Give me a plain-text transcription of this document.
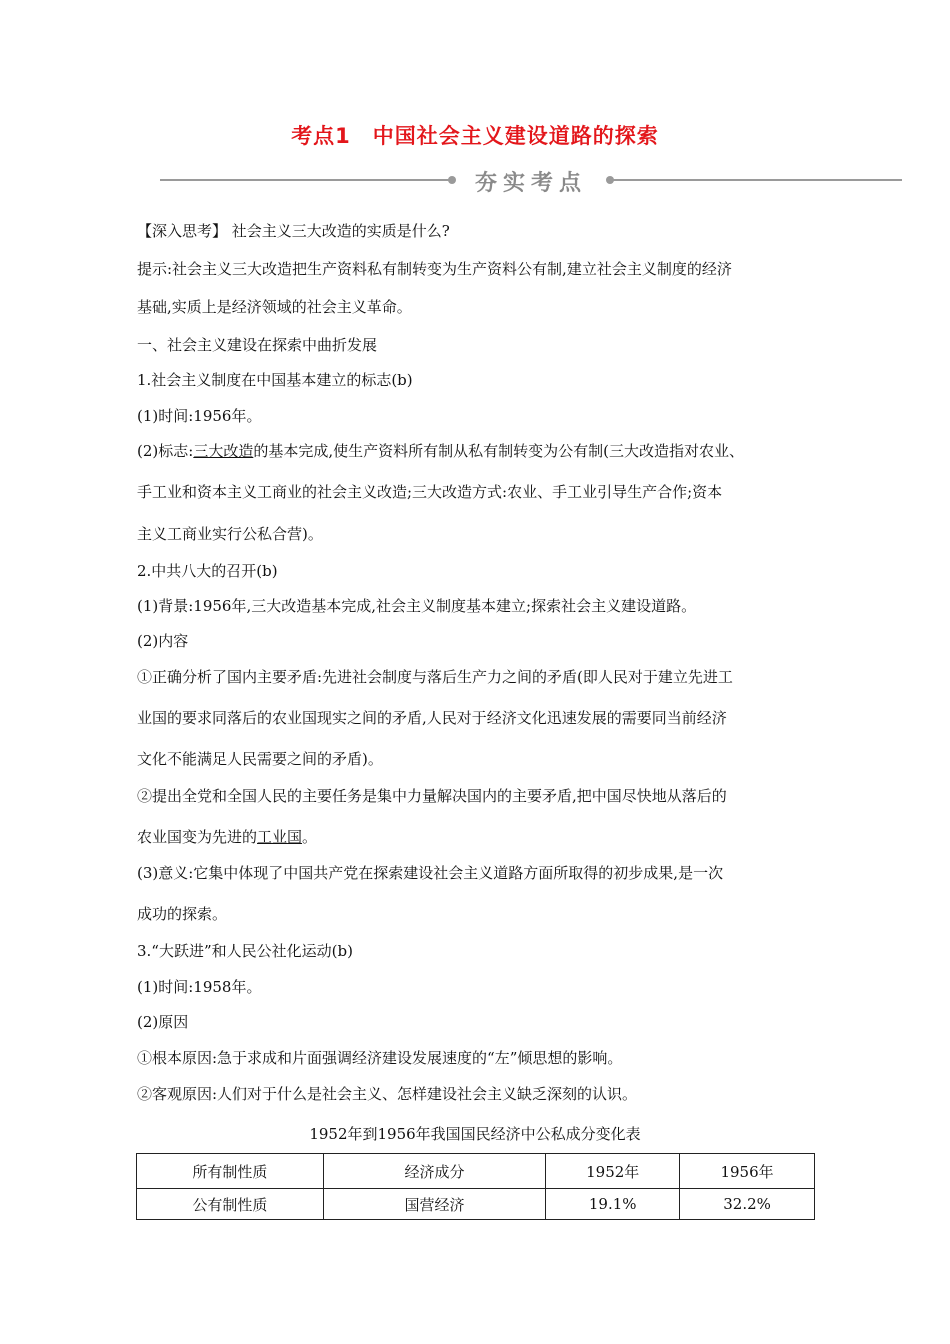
考点1　中国社会主义建设道路的探索
夯实考点
【深入思考】 社会主义三大改造的实质是什么?
提示:社会主义三大改造把生产资料私有制转变为生产资料公有制,建立社会主义制度的经济
基础,实质上是经济领域的社会主义革命。
一、社会主义建设在探索中曲折发展
1.社会主义制度在中国基本建立的标志(b)
(1)时间:1956年。
(2)标志:三大改造的基本完成,使生产资料所有制从私有制转变为公有制(三大改造指对农业、
手工业和资本主义工商业的社会主义改造;三大改造方式:农业、手工业引导生产合作;资本
主义工商业实行公私合营)。
2.中共八大的召开(b)
(1)背景:1956年,三大改造基本完成,社会主义制度基本建立;探索社会主义建设道路。
(2)内容
①正确分析了国内主要矛盾:先进社会制度与落后生产力之间的矛盾(即人民对于建立先进工
业国的要求同落后的农业国现实之间的矛盾,人民对于经济文化迅速发展的需要同当前经济
文化不能满足人民需要之间的矛盾)。
②提出全党和全国人民的主要任务是集中力量解决国内的主要矛盾,把中国尽快地从落后的
农业国变为先进的工业国。
(3)意义:它集中体现了中国共产党在探索建设社会主义道路方面所取得的初步成果,是一次
成功的探索。
3.“大跃进”和人民公社化运动(b)
(1)时间:1958年。
(2)原因
①根本原因:急于求成和片面强调经济建设发展速度的“左”倾思想的影响。
②客观原因:人们对于什么是社会主义、怎样建设社会主义缺乏深刻的认识。
1952年到1956年我国国民经济中公私成分变化表
所有制性质	经济成分	1952年	1956年
公有制性质	国营经济	19.1%	32.2%
